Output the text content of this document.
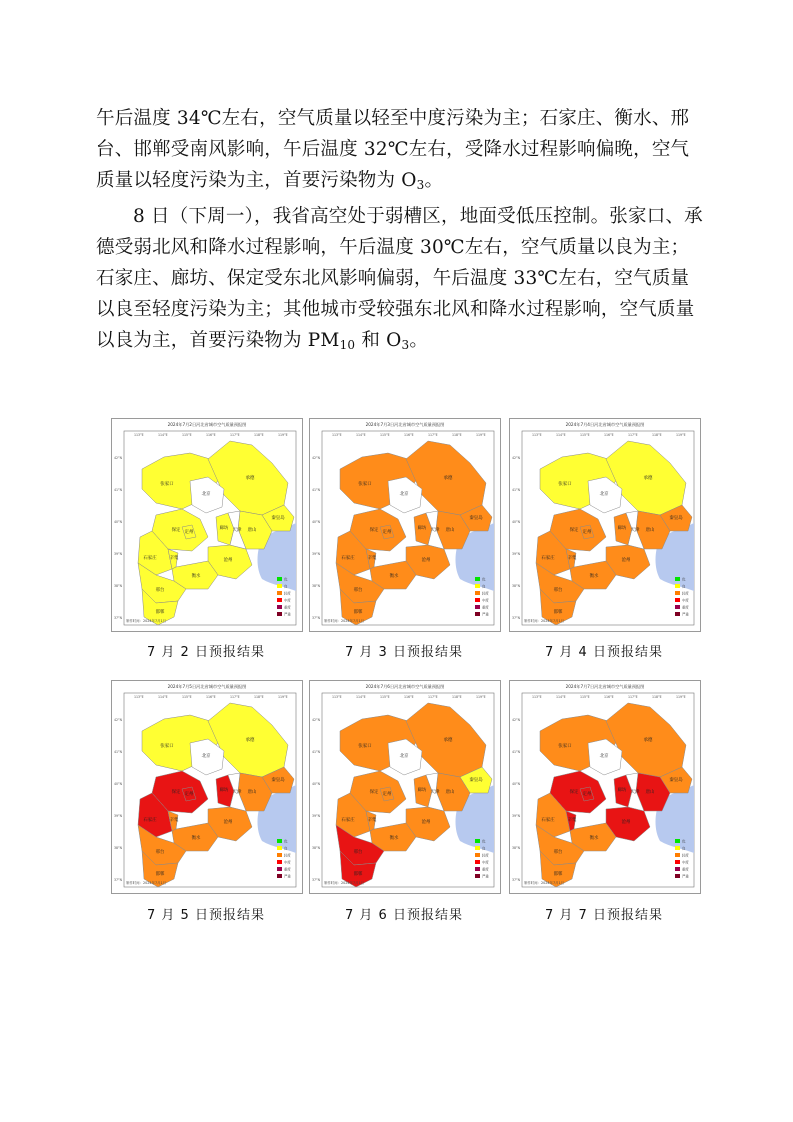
午后温度 34℃左右，空气质量以轻至中度污染为主；石家庄、衡水、邢台、邯郸受南风影响，午后温度 32℃左右，受降水过程影响偏晚，空气质量以轻度污染为主，首要污染物为 $O_3$。

8 日（下周一），我省高空处于弱槽区，地面受低压控制。张家口、承德受弱北风和降水过程影响，午后温度 30℃左右，空气质量以良为主；石家庄、廊坊、保定受东北风影响偏弱，午后温度 33℃左右，空气质量以良至轻度污染为主；其他城市受较强东北风和降水过程影响，空气质量以良为主，首要污染物为 $PM_{10}$ 和 $O_3$。

2024年7月2日河北省城市空气质量预报图
113°E	114°E	115°E	116°E	117°E	118°E	119°E
42°N
41°N
40°N
39°N
38°N
37°N
张家口
承德
北京
天津
秦皇岛
唐山
廊坊
保定 定州
石家庄	沧州
辛集
衡水
邢台
邯郸
优
良
轻度
中度
重度
严重
制作时间：2024年7月1日
2024年7月3日河北省城市空气质量预报图
113°E	114°E	115°E	116°E	117°E	118°E	119°E
42°N
41°N
40°N
39°N
38°N
37°N
张家口
承德
北京
天津
秦皇岛
唐山
廊坊
保定 定州
石家庄	沧州
辛集
衡水
邢台
邯郸
优
良
轻度
中度
重度
严重
制作时间：2024年7月1日
2024年7月4日河北省城市空气质量预报图
113°E	114°E	115°E	116°E	117°E	118°E	119°E
42°N
41°N
40°N
39°N
38°N
37°N
张家口
承德
北京
天津
秦皇岛
唐山
廊坊
保定 定州
石家庄	沧州
辛集
衡水
邢台
邯郸
优
良
轻度
中度
重度
严重
制作时间：2024年7月1日
7 月 2 日预报结果	7 月 3 日预报结果	7 月 4 日预报结果
2024年7月5日河北省城市空气质量预报图
113°E	114°E	115°E	116°E	117°E	118°E	119°E
42°N
41°N
40°N
39°N
38°N
37°N
张家口
承德
北京
天津
秦皇岛
唐山
廊坊
保定 定州
石家庄	沧州
辛集
衡水
邢台
邯郸
优
良
轻度
中度
重度
严重
制作时间：2024年7月1日
2024年7月6日河北省城市空气质量预报图
113°E	114°E	115°E	116°E	117°E	118°E	119°E
42°N
41°N
40°N
39°N
38°N
37°N
张家口
承德
北京
天津
秦皇岛
唐山
廊坊
保定 定州
石家庄	沧州
辛集
衡水
邢台
邯郸
优
良
轻度
中度
重度
严重
制作时间：2024年7月1日
2024年7月7日河北省城市空气质量预报图
113°E	114°E	115°E	116°E	117°E	118°E	119°E
42°N
41°N
40°N
39°N
38°N
37°N
张家口
承德
北京
天津
秦皇岛
唐山
廊坊
保定 定州
石家庄	沧州
辛集
衡水
邢台
邯郸
优
良
轻度
中度
重度
严重
制作时间：2024年7月1日
7 月 5 日预报结果	7 月 6 日预报结果	7 月 7 日预报结果
